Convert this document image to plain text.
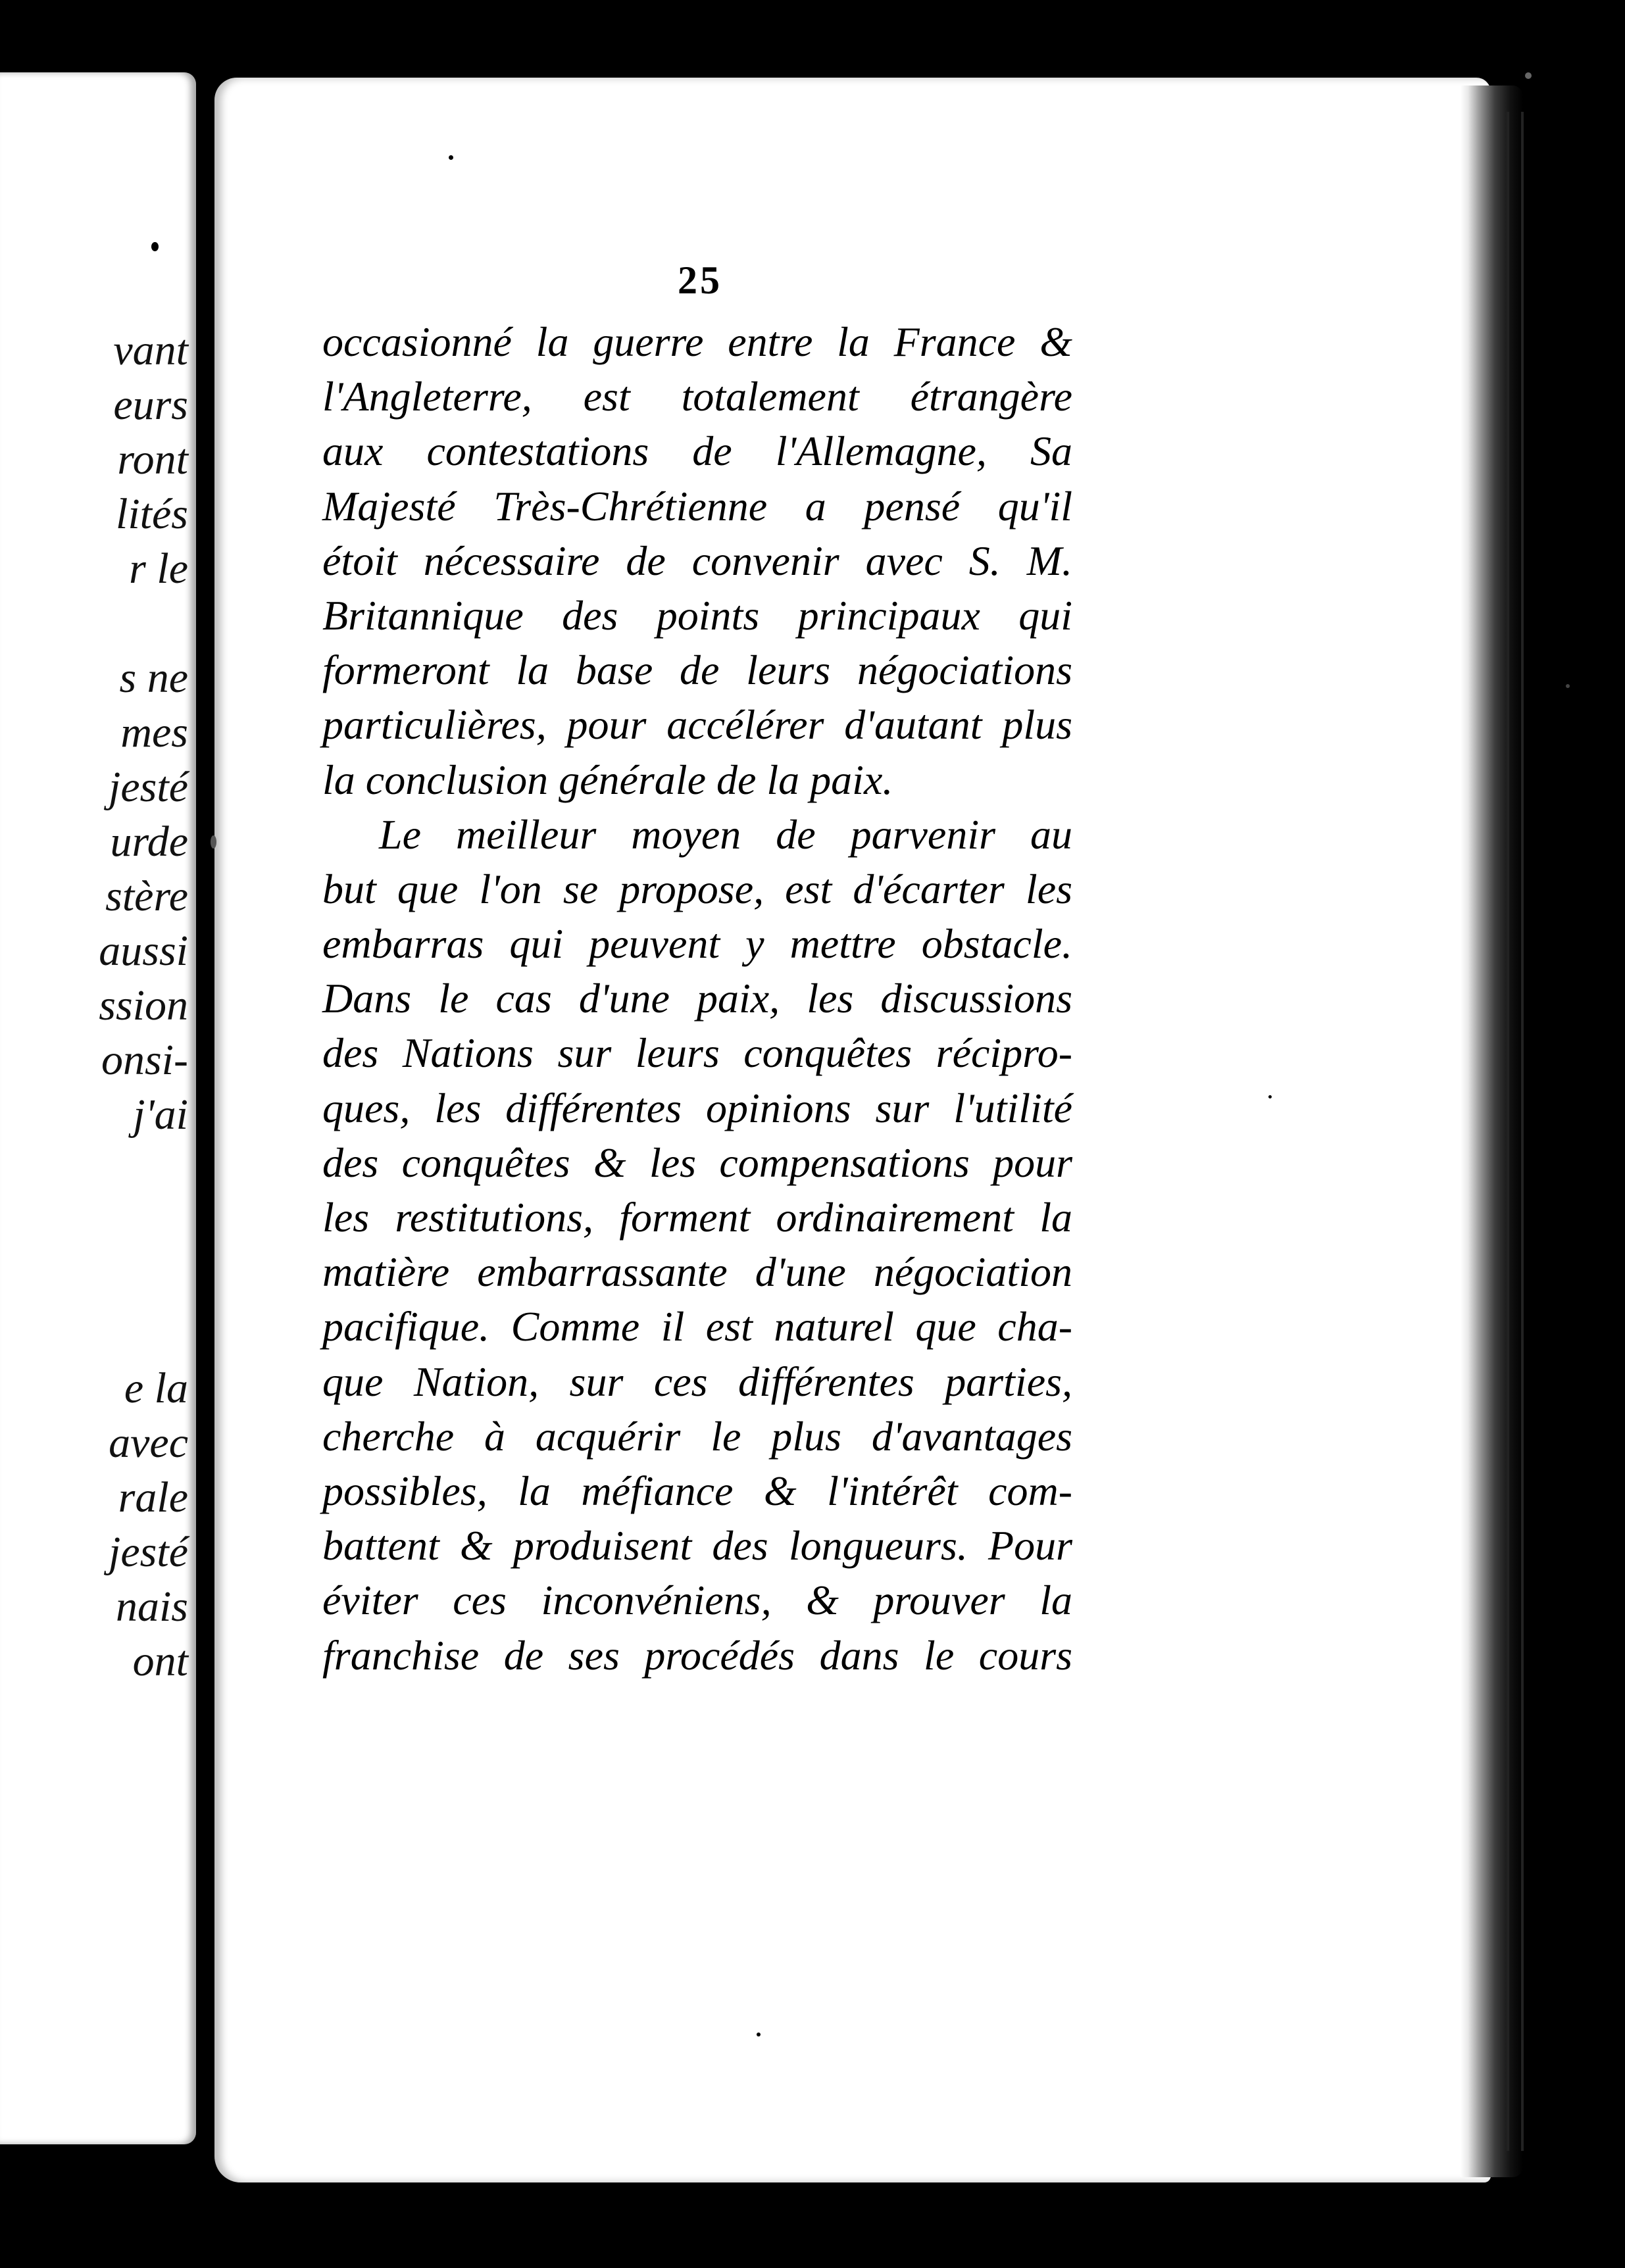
vant

eurs

ront

lités

r le

s ne

mes

jesté

urde

stère

aussi

ssion

onsi-

j'ai

e la

avec

rale

jesté

nais

ont

25

occasionné la guerre entre la France &

l'Angleterre, est totalement étrangère

aux contestations de l'Allemagne, Sa

Majesté Très-Chrétienne a pensé qu'il

étoit nécessaire de convenir avec S. M.

Britannique des points principaux qui

formeront la base de leurs négociations

particulières, pour accélérer d'autant plus

la conclusion générale de la paix.

Le meilleur moyen de parvenir au

but que l'on se propose, est d'écarter les

embarras qui peuvent y mettre obstacle.

Dans le cas d'une paix, les discussions

des Nations sur leurs conquêtes récipro-

ques, les différentes opinions sur l'utilité

des conquêtes & les compensations pour

les restitutions, forment ordinairement la

matière embarrassante d'une négociation

pacifique. Comme il est naturel que cha-

que Nation, sur ces différentes parties,

cherche à acquérir le plus d'avantages

possibles, la méfiance & l'intérêt com-

battent & produisent des longueurs. Pour

éviter ces inconvéniens, & prouver la

franchise de ses procédés dans le cours
